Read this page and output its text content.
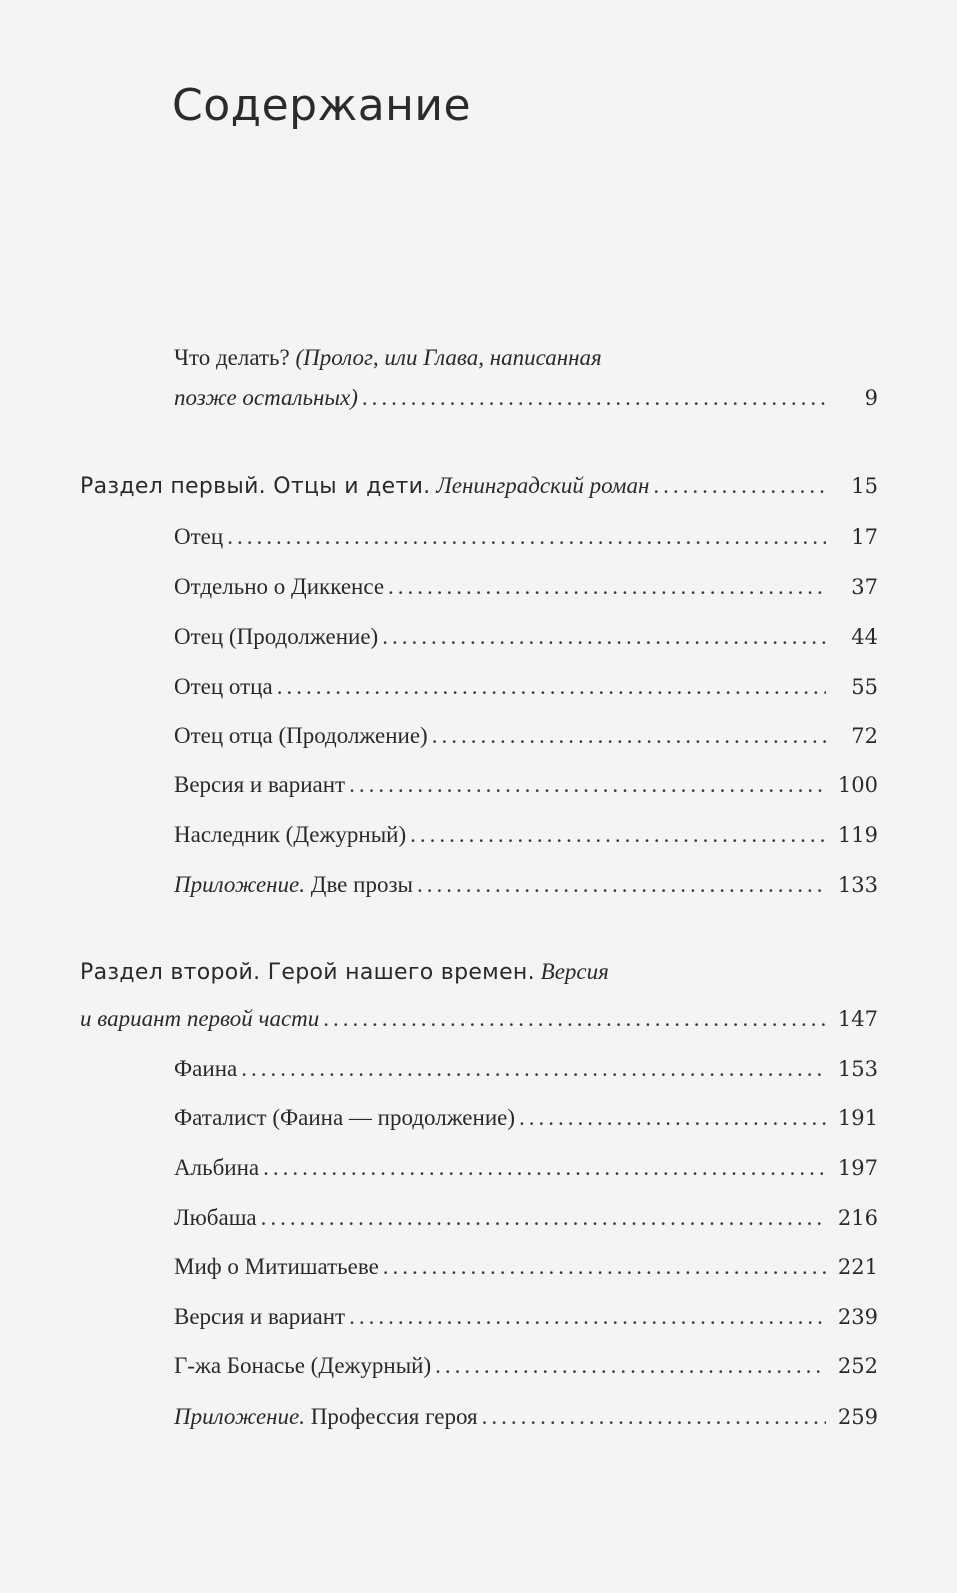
Содержание
Что делать? (Пролог, или Глава, написанная
позже остальных) .....	9
Раздел первый. Отцы и дети. Ленинградский роман .....	15
Отец .....	17
Отдельно о Диккенсе .....	37
Отец (Продолжение) .....	44
Отец отца .....	55
Отец отца (Продолжение) .....	72
Версия и вариант .....	100
Наследник (Дежурный) .....	119
Приложение. Две прозы .....	133
Раздел второй. Герой нашего времен. Версия
и вариант первой части .....	147
Фаина .....	153
Фаталист (Фаина — продолжение) .....	191
Альбина .....	197
Любаша .....	216
Миф о Митишатьеве .....	221
Версия и вариант .....	239
Г-жа Бонасье (Дежурный) .....	252
Приложение. Профессия героя .....	259
